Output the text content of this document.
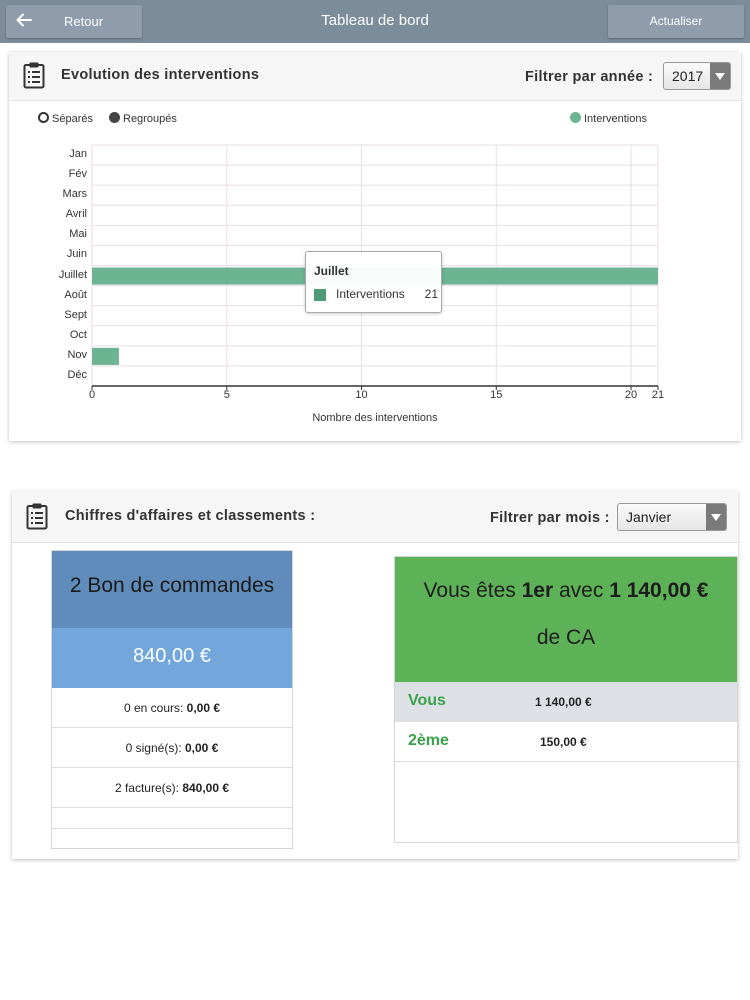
Retour	Tableau de bord	Actualiser
Evolution des interventions	Filtrer par année : 2017
Séparés	Regroupés	Interventions
Jan
Fév
Mars
Avril
Mai
Juin
Juillet
Août
Sept
Oct
Nov
Déc
0	5	10	15	20	21
Nombre des interventions
Juillet
Interventions 21
Chiffres d'affaires et classements :	Filtrer par mois : Janvier
2 Bon de commandes
840,00 €
0 en cours: 0,00 €
0 signé(s): 0,00 €
2 facture(s): 840,00 €
Vous êtes 1er avec 1 140,00 €
de CA
Vous	1 140,00 €
2ème	150,00 €
